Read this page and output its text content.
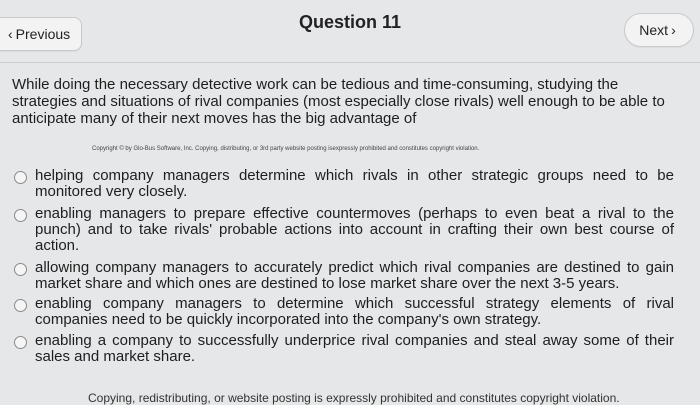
‹ Previous
Question 11	Next ›
While doing the necessary detective work can be tedious and time-consuming, studying the strategies and situations of rival companies (most especially close rivals) well enough to be able to anticipate many of their next moves has the big advantage of
Copyright © by Glo-Bus Software, Inc. Copying, distributing, or 3rd party website posting isexpressly prohibited and constitutes copyright violation.
helping company managers determine which rivals in other strategic groups need to be monitored very closely.
enabling managers to prepare effective countermoves (perhaps to even beat a rival to the punch) and to take rivals' probable actions into account in crafting their own best course of action.
allowing company managers to accurately predict which rival companies are destined to gain market share and which ones are destined to lose market share over the next 3-5 years.
enabling company managers to determine which successful strategy elements of rival companies need to be quickly incorporated into the company's own strategy.
enabling a company to successfully underprice rival companies and steal away some of their sales and market share.
Copying, redistributing, or website posting is expressly prohibited and constitutes copyright violation.
